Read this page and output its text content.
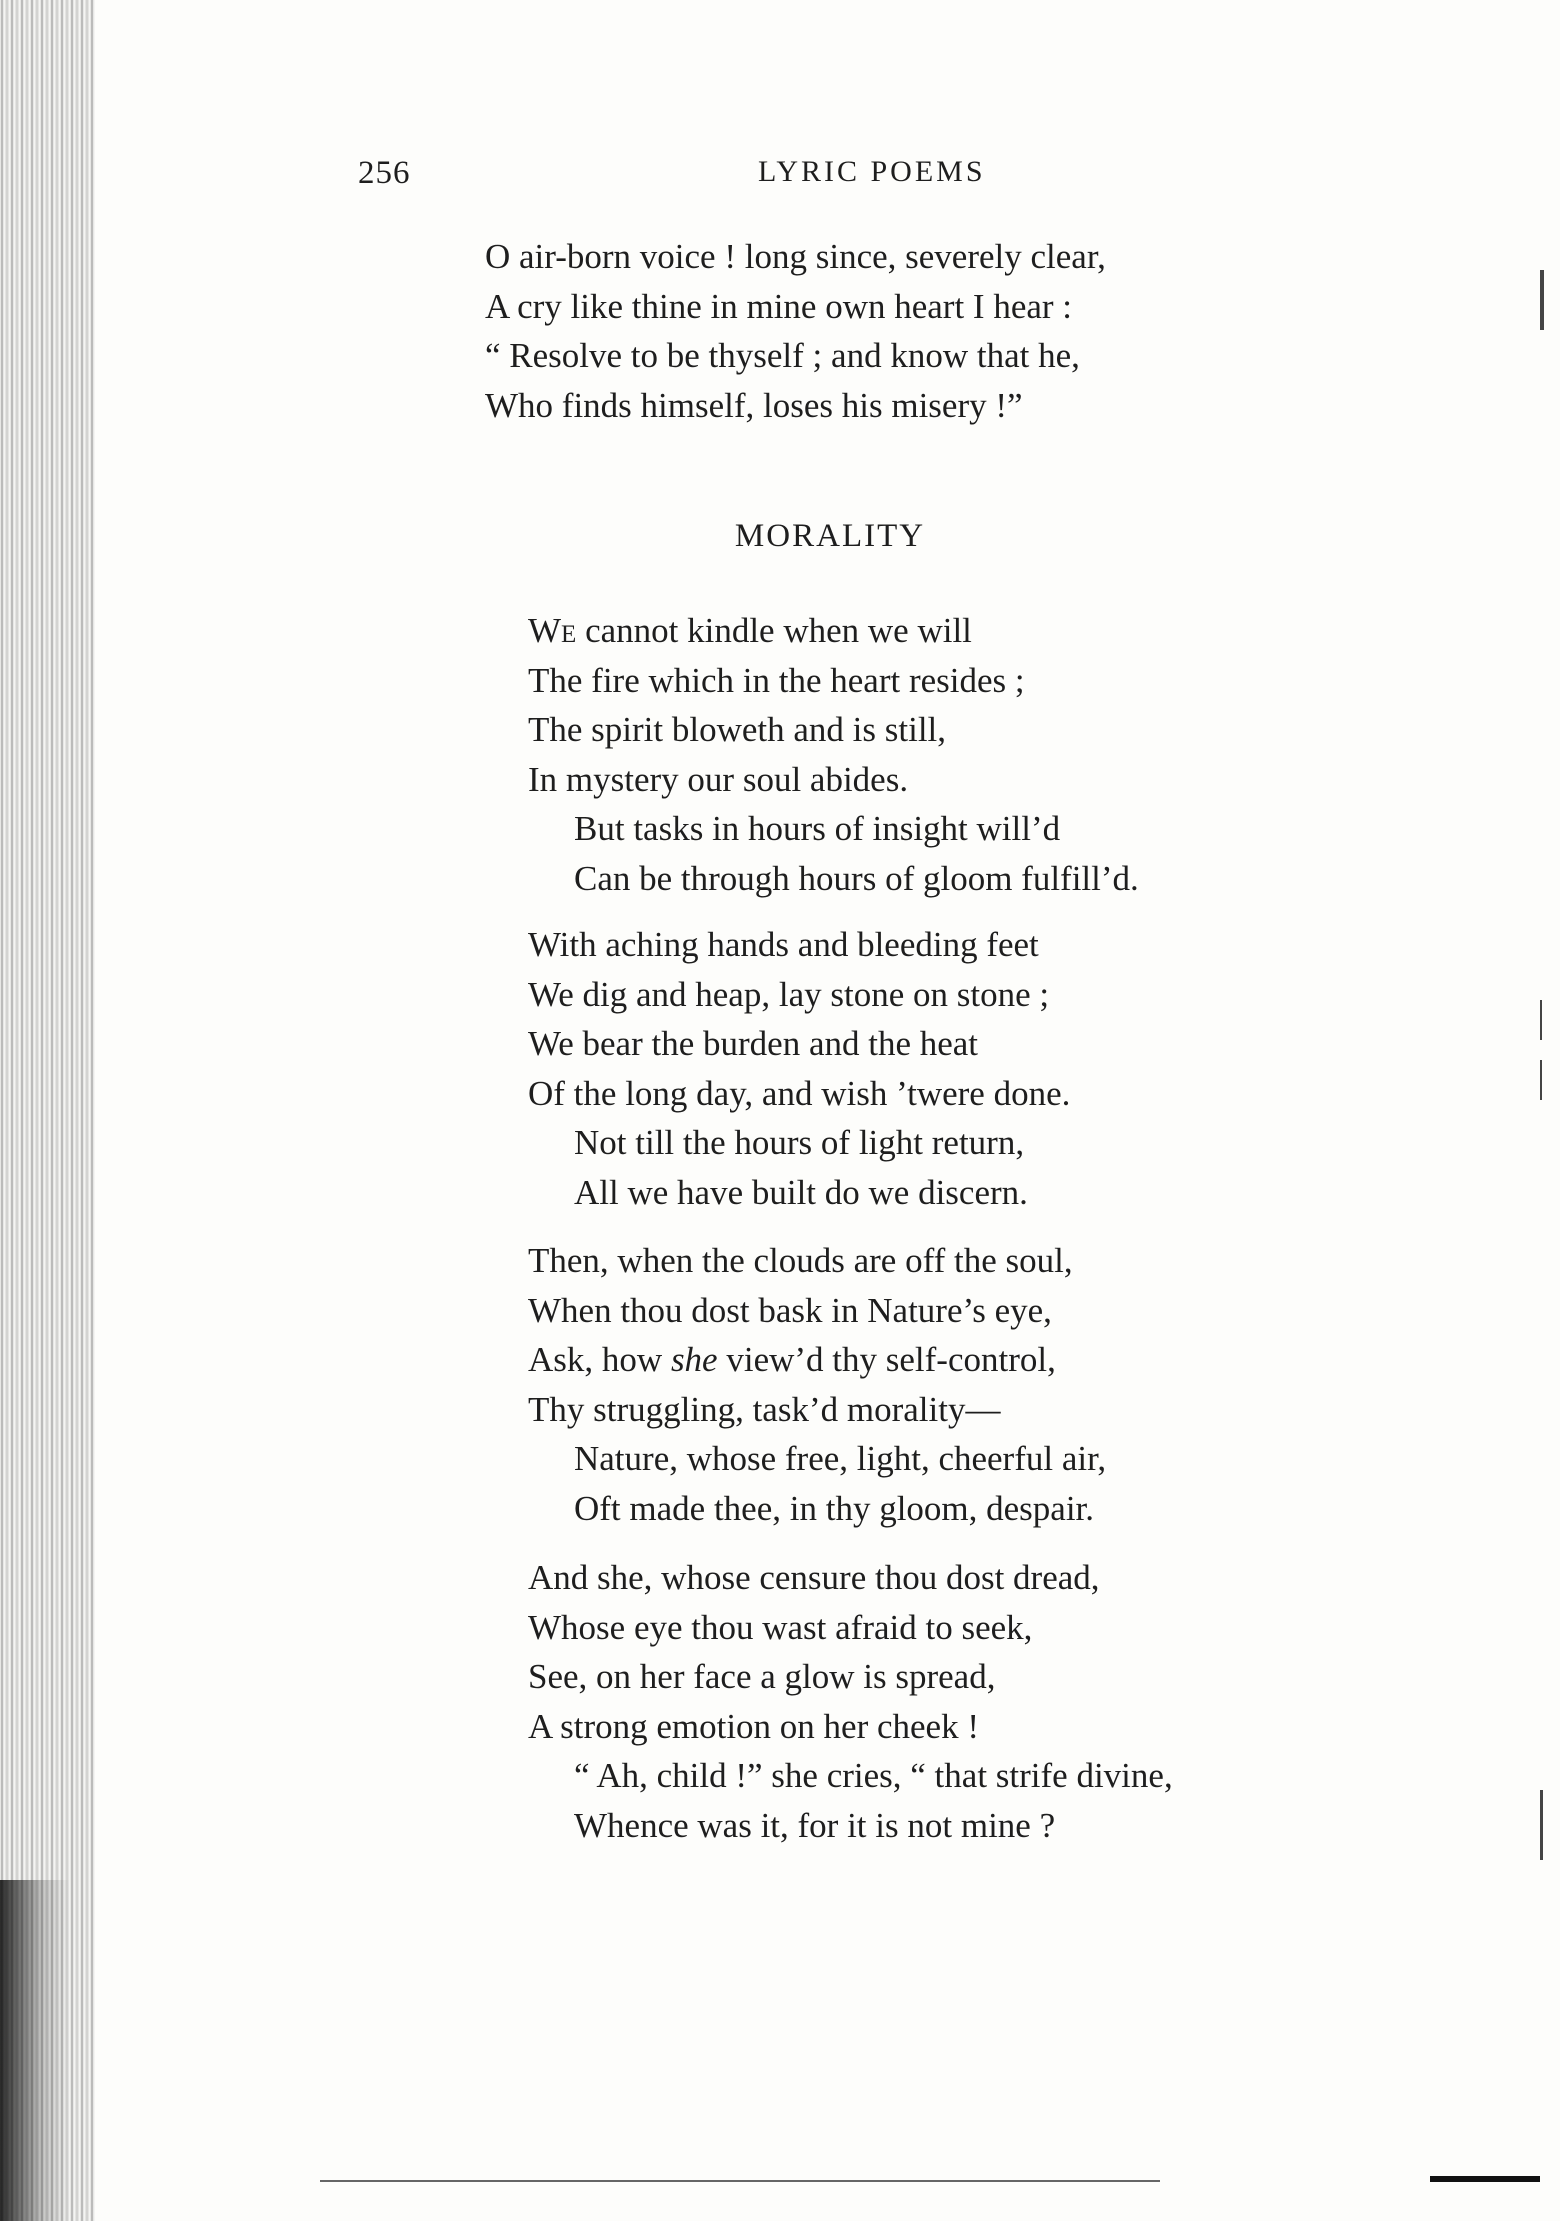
256	LYRIC POEMS
O air-born voice ! long since, severely clear,
A cry like thine in mine own heart I hear :
“ Resolve to be thyself ; and know that he,
Who finds himself, loses his misery !”
MORALITY
We cannot kindle when we will
The fire which in the heart resides ;
The spirit bloweth and is still,
In mystery our soul abides.
But tasks in hours of insight will’d
Can be through hours of gloom fulfill’d.
With aching hands and bleeding feet
We dig and heap, lay stone on stone ;
We bear the burden and the heat
Of the long day, and wish ’twere done.
Not till the hours of light return,
All we have built do we discern.
Then, when the clouds are off the soul,
When thou dost bask in Nature’s eye,
Ask, how she view’d thy self-control,
Thy struggling, task’d morality—
Nature, whose free, light, cheerful air,
Oft made thee, in thy gloom, despair.
And she, whose censure thou dost dread,
Whose eye thou wast afraid to seek,
See, on her face a glow is spread,
A strong emotion on her cheek !
“ Ah, child !” she cries, “ that strife divine,
Whence was it, for it is not mine ?
